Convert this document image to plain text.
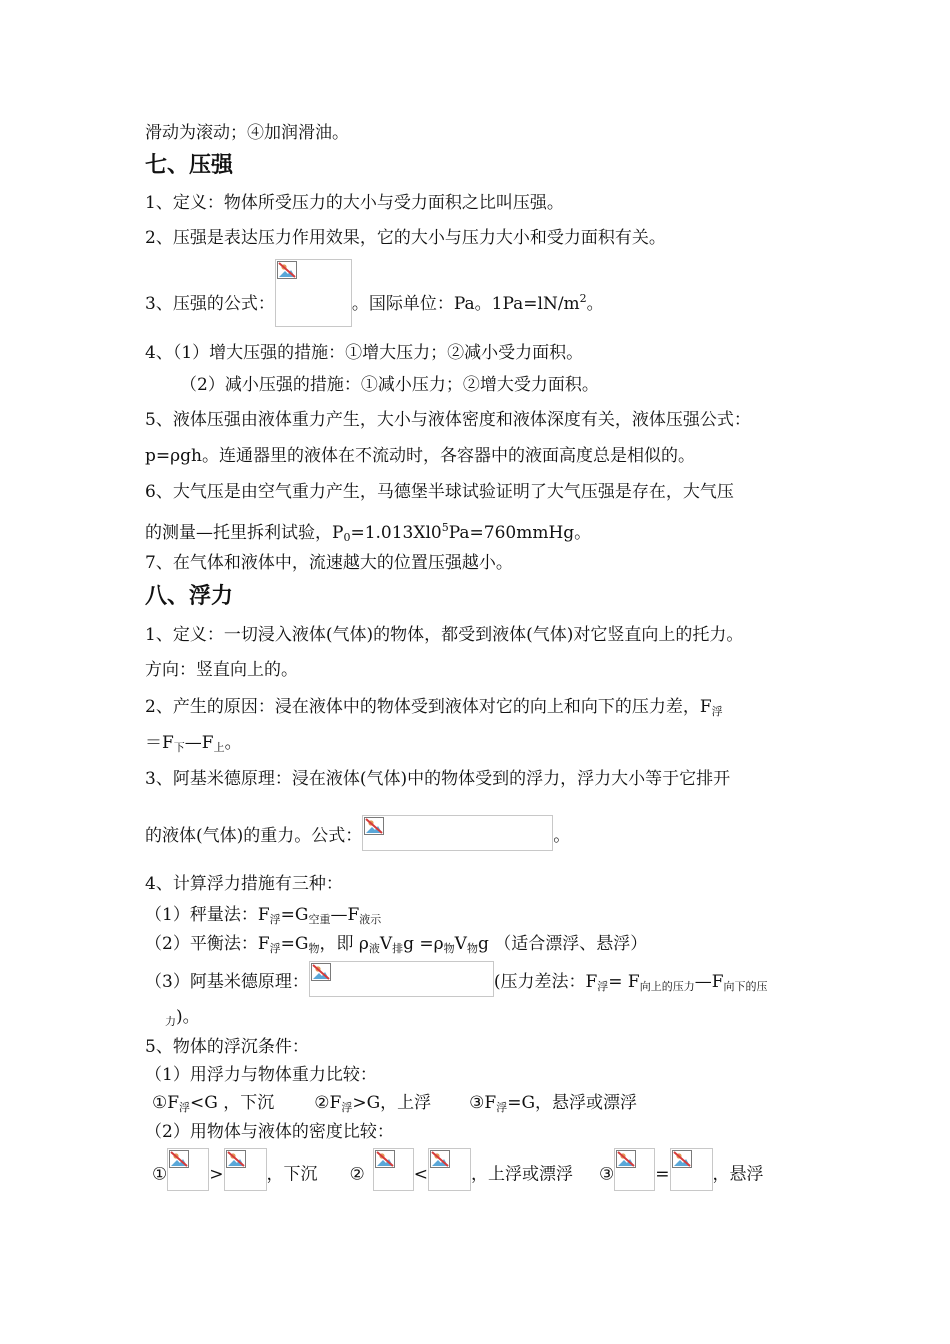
滑动为滚动；④加润滑油。
七、压强
1、定义：物体所受压力的大小与受力面积之比叫压强。
2、压强是表达压力作用效果，它的大小与压力大小和受力面积有关。
3、压强的公式：	。国际单位：Pa。$1Pa=lN/m^2$。
4、（1）增大压强的措施：①增大压力；②减小受力面积。
（2）减小压强的措施：①减小压力；②增大受力面积。
5、液体压强由液体重力产生，大小与液体密度和液体深度有关，液体压强公式：
p=ρgh。连通器里的液体在不流动时，各容器中的液面高度总是相似的。
6、大气压是由空气重力产生，马德堡半球试验证明了大气压强是存在，大气压
的测量—托里拆利试验，$P_0=1.013Xl0^5Pa=760mmHg$。
7、在气体和液体中，流速越大的位置压强越小。
八、浮力
1、定义：一切浸入液体(气体)的物体，都受到液体(气体)对它竖直向上的托力。
方向：竖直向上的。
2、产生的原因：浸在液体中的物体受到液体对它的向上和向下的压力差，$F_浮$
$=F_下—F_上$。
3、阿基米德原理：浸在液体(气体)中的物体受到的浮力，浮力大小等于它排开
的液体(气体)的重力。公式：	。
4、计算浮力措施有三种：
（1）秤量法：$F_浮=G_{空重}—F_{液示}$
（2）平衡法：$F_浮=G_物$，即 $\rho_液V_排g =\rho_物V_物g$ （适合漂浮、悬浮）
（3）阿基米德原理：	(压力差法：$F_浮=$ $F_{向上的压力}—F_{向下的压}$
$_力$)。
5、物体的浮沉条件：
（1）用浮力与物体重力比较：
$①F_浮<G$ ，下沉 $②F_浮>G$，上浮 $③F_浮=G$，悬浮或漂浮
（2）用物体与液体的密度比较：
① >	，下沉 ②	<	，上浮或漂浮 ③ =	，悬浮
